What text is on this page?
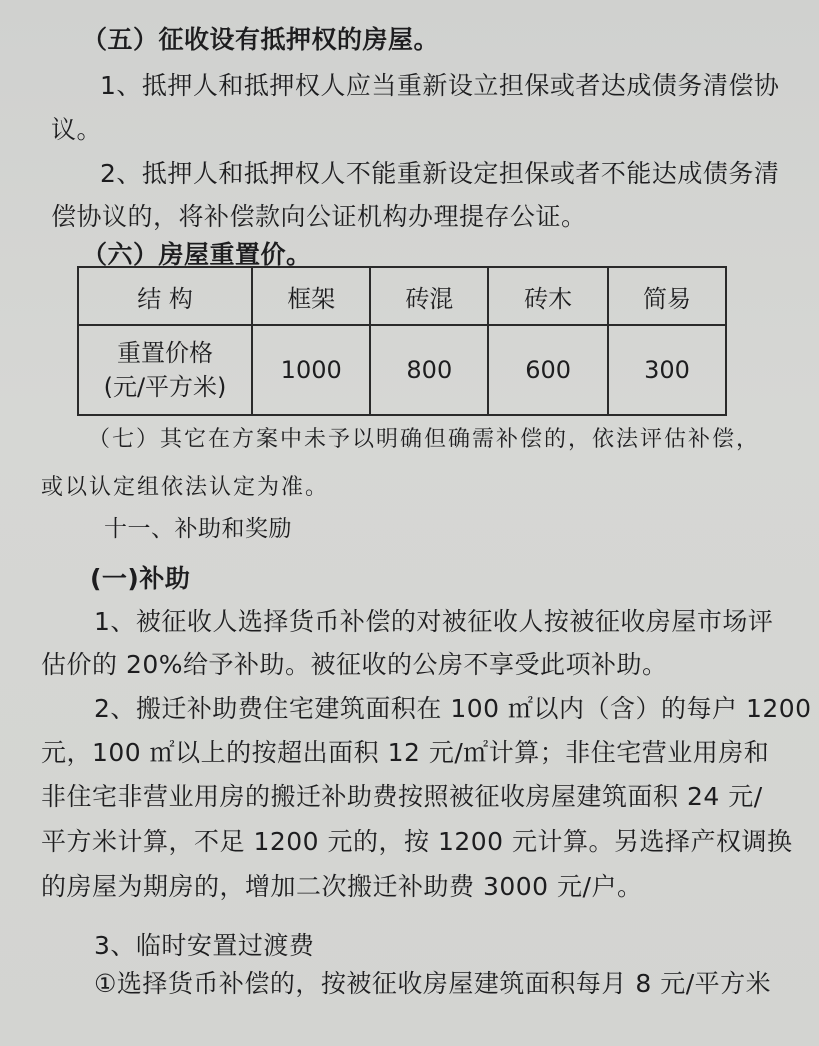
（五）征收设有抵押权的房屋。
1、抵押人和抵押权人应当重新设立担保或者达成债务清偿协
议。
2、抵押人和抵押权人不能重新设定担保或者不能达成债务清
偿协议的，将补偿款向公证机构办理提存公证。
（六）房屋重置价。
结 构	框架	砖混	砖木	简易

重置价格
(元/平方米)	1000	800	600	300
（七）其它在方案中未予以明确但确需补偿的，依法评估补偿，
或以认定组依法认定为准。
十一、补助和奖励
(一)补助
1、被征收人选择货币补偿的对被征收人按被征收房屋市场评
估价的 20%给予补助。被征收的公房不享受此项补助。
2、搬迁补助费住宅建筑面积在 100 ㎡以内（含）的每户 1200
元，100 ㎡以上的按超出面积 12 元/㎡计算；非住宅营业用房和
非住宅非营业用房的搬迁补助费按照被征收房屋建筑面积 24 元/
平方米计算，不足 1200 元的，按 1200 元计算。另选择产权调换
的房屋为期房的，增加二次搬迁补助费 3000 元/户。
3、临时安置过渡费
①选择货币补偿的，按被征收房屋建筑面积每月 8 元/平方米
